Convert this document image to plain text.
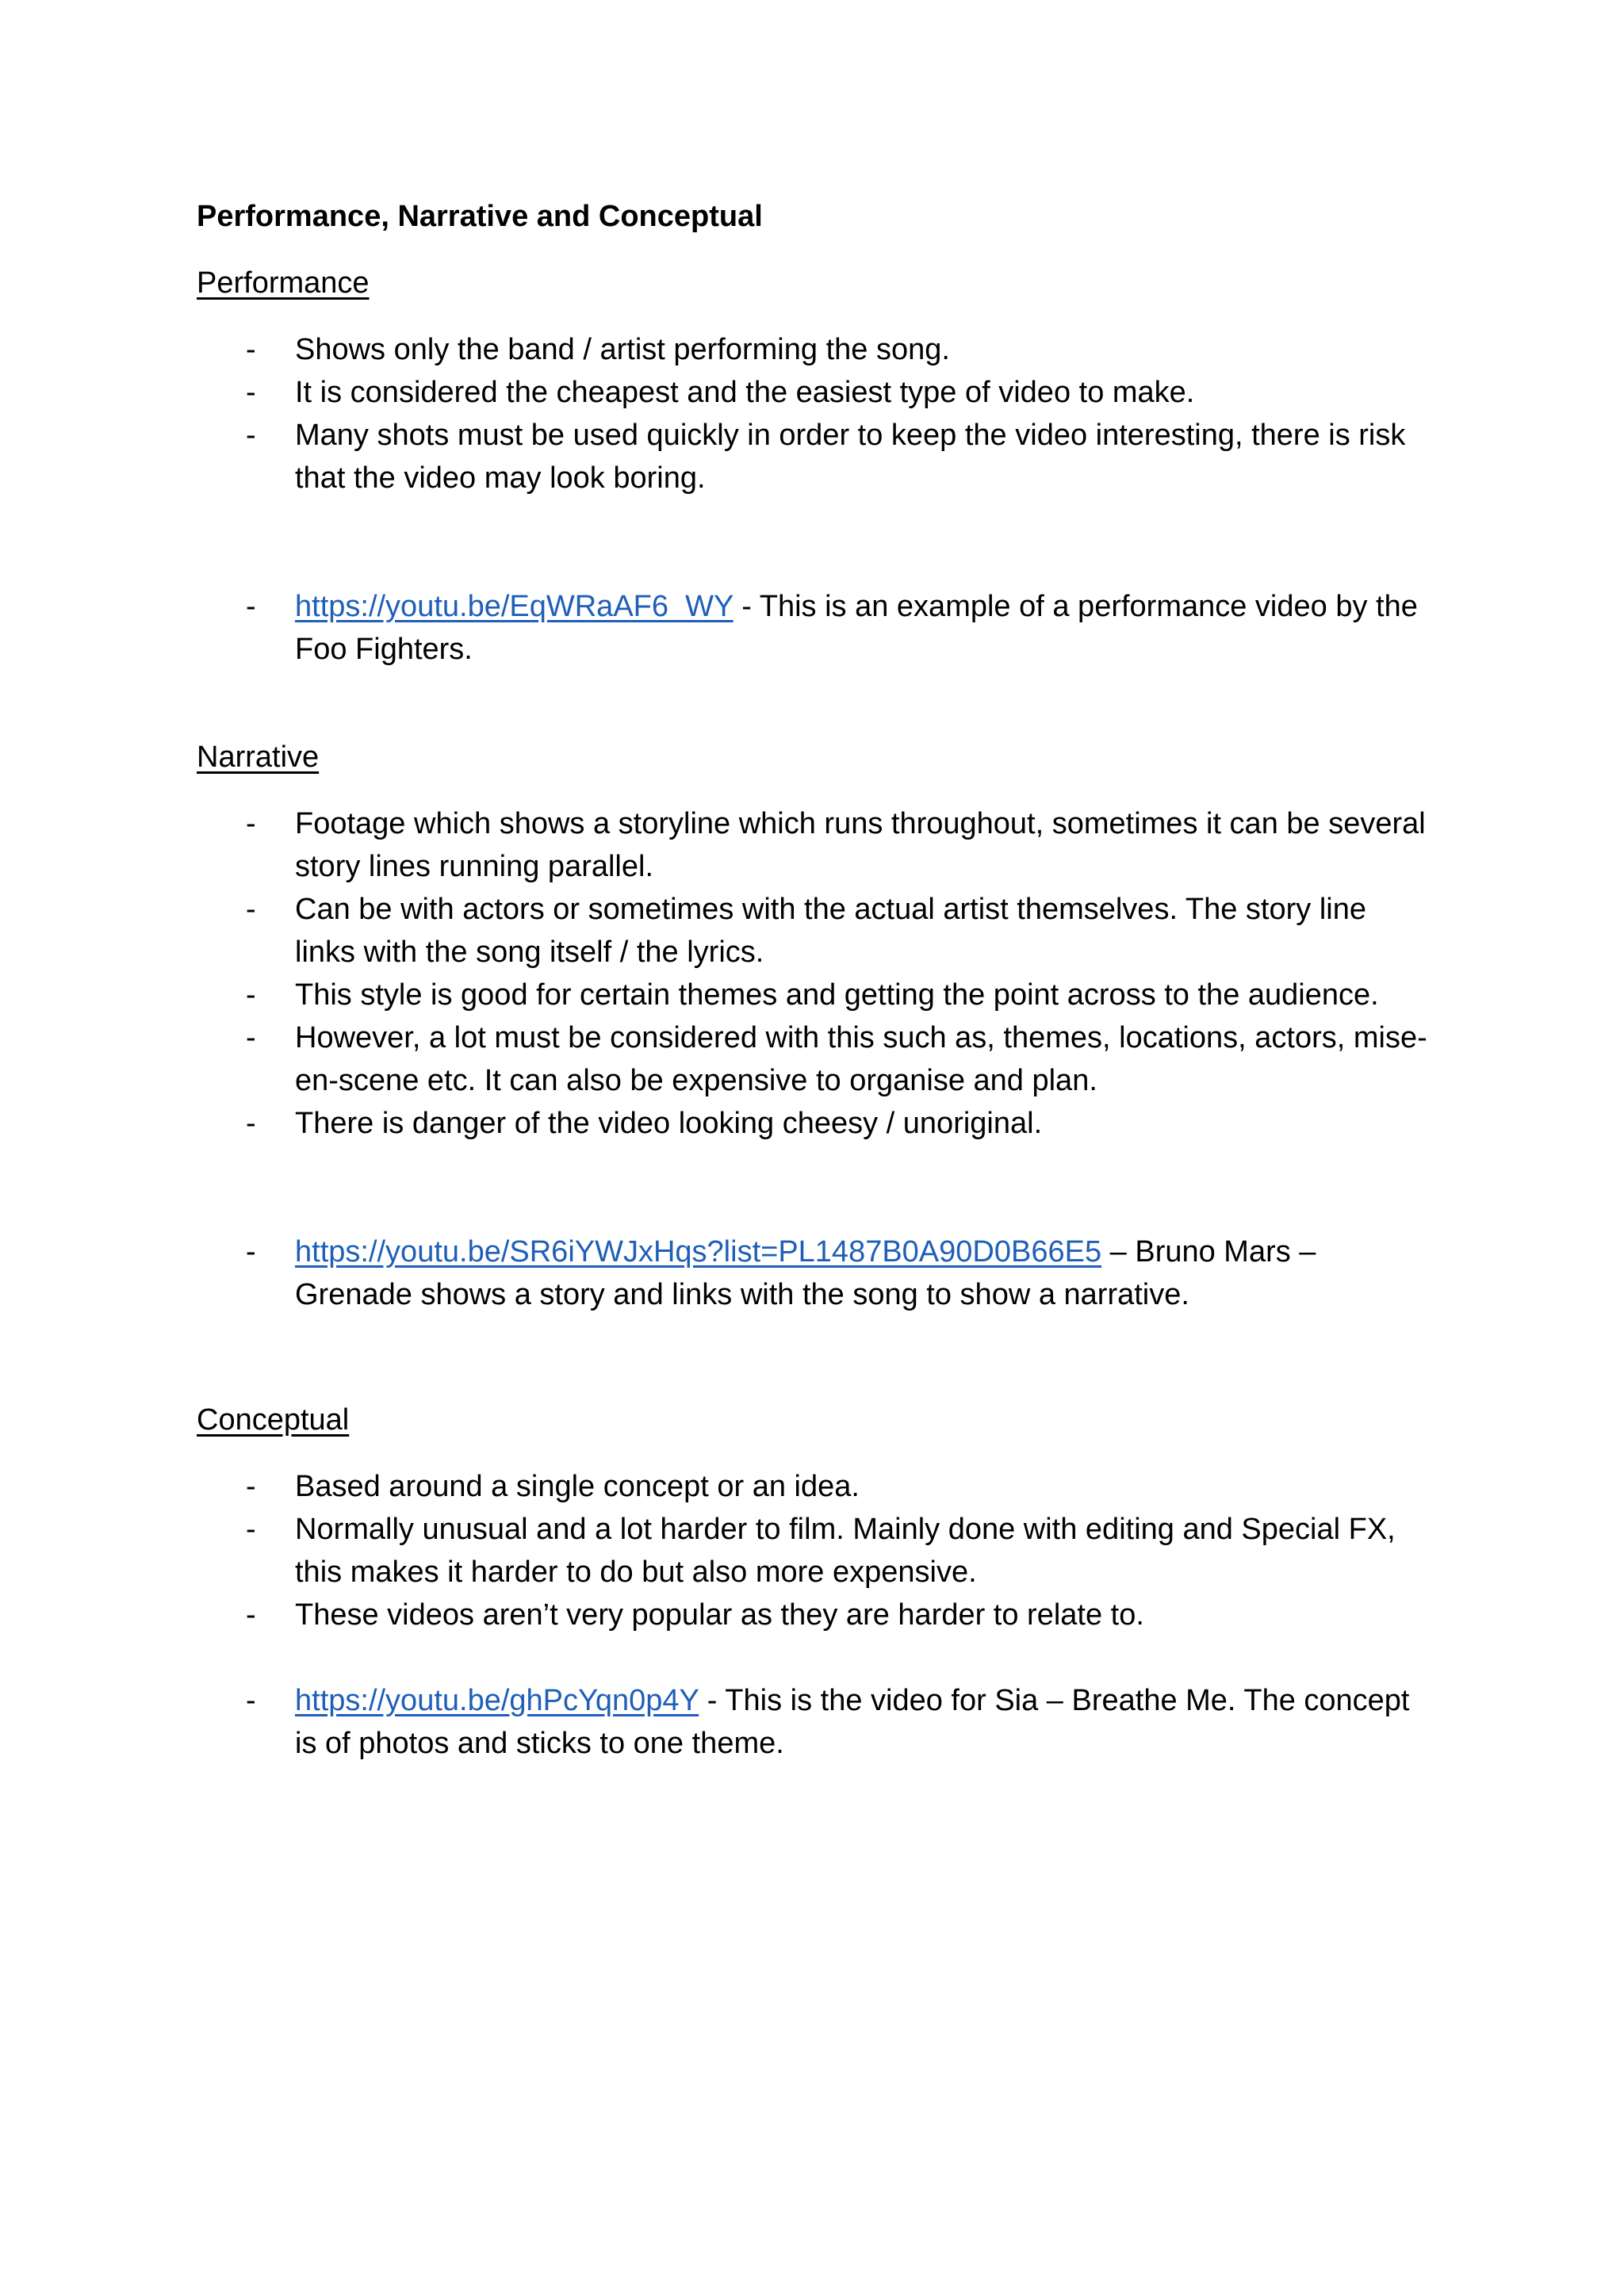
Performance, Narrative and Conceptual
Performance
- Shows only the band / artist performing the song.
- It is considered the cheapest and the easiest type of video to make.
- Many shots must be used quickly in order to keep the video interesting, there is risk that the video may look boring.
- https://youtu.be/EqWRaAF6_WY - This is an example of a performance video by the Foo Fighters.
Narrative
- Footage which shows a storyline which runs throughout, sometimes it can be several story lines running parallel.
- Can be with actors or sometimes with the actual artist themselves. The story line links with the song itself / the lyrics.
- This style is good for certain themes and getting the point across to the audience.
- However, a lot must be considered with this such as, themes, locations, actors, mise-en-scene etc. It can also be expensive to organise and plan.
- There is danger of the video looking cheesy / unoriginal.
- https://youtu.be/SR6iYWJxHqs?list=PL1487B0A90D0B66E5 – Bruno Mars – Grenade shows a story and links with the song to show a narrative.
Conceptual
- Based around a single concept or an idea.
- Normally unusual and a lot harder to film. Mainly done with editing and Special FX, this makes it harder to do but also more expensive.
- These videos aren’t very popular as they are harder to relate to.
- https://youtu.be/ghPcYqn0p4Y - This is the video for Sia – Breathe Me. The concept is of photos and sticks to one theme.
